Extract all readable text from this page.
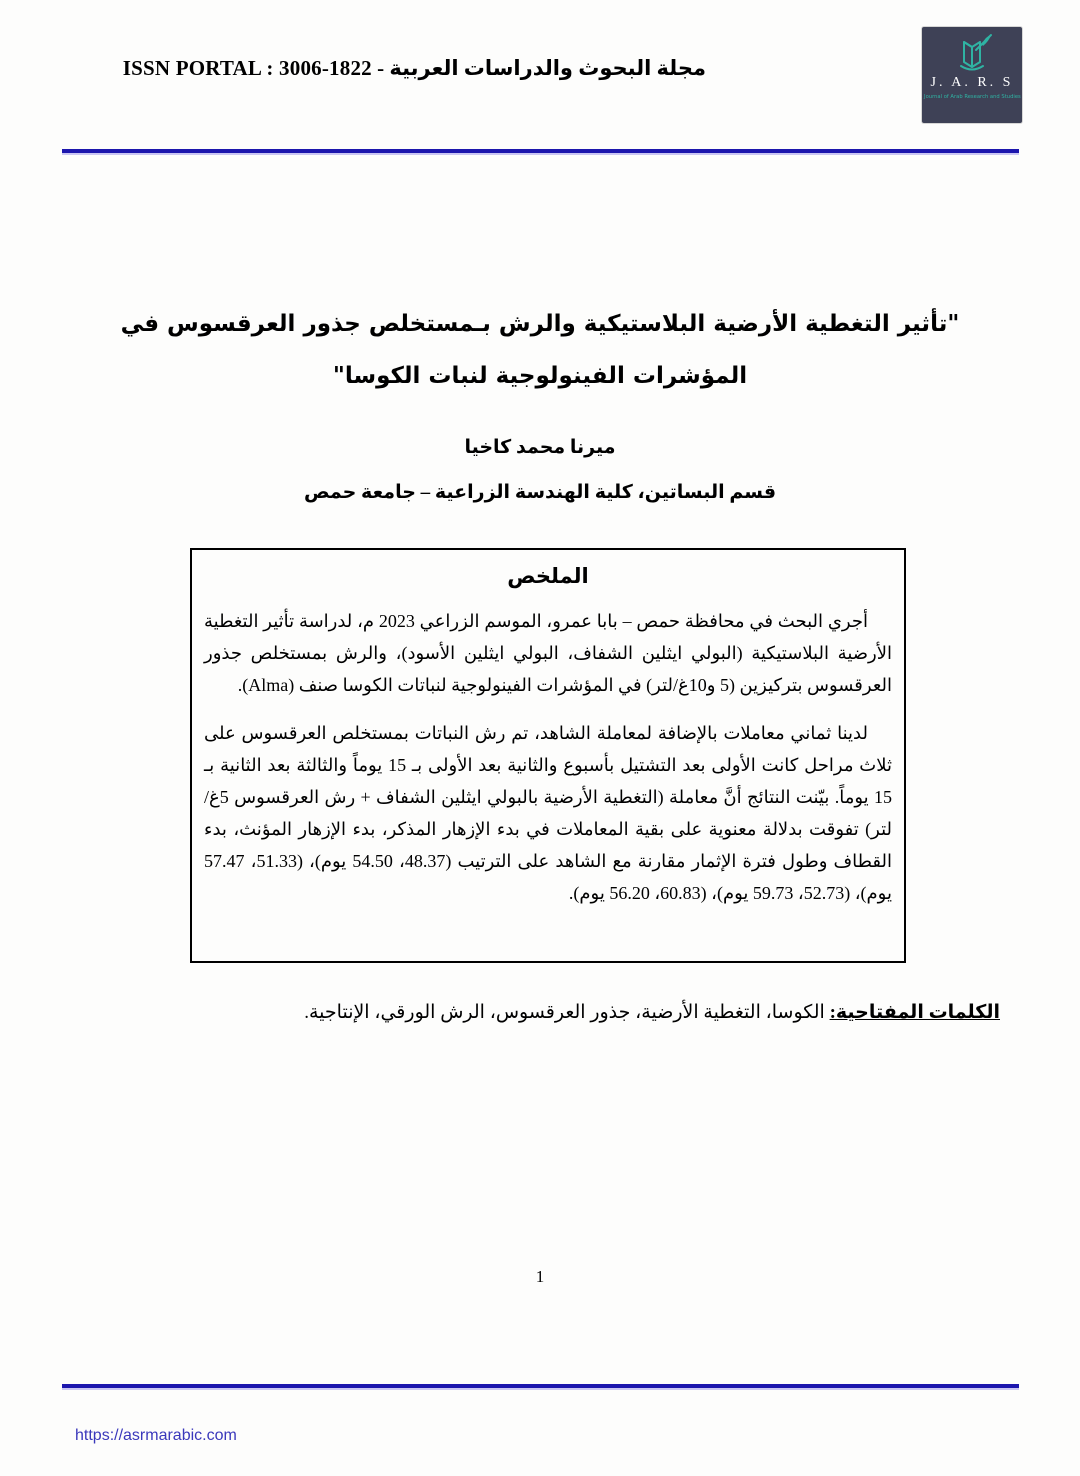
مجلة البحوث والدراسات العربية - ISSN PORTAL : 3006-1822
J. A. R. S
Journal of Arab Research and Studies
"تأثير التغطية الأرضية البلاستيكية والرش بـمستخلص جذور العرقسوس في
المؤشرات الفينولوجية لنبات الكوسا"
ميرنا محمد كاخيا
قسم البساتين، كلية الهندسة الزراعية – جامعة حمص
الملخص

أجري البحث في محافظة حمص – بابا عمرو، الموسم الزراعي 2023 م، لدراسة تأثير التغطية الأرضية البلاستيكية (البولي ايثلين الشفاف، البولي ايثلين الأسود)، والرش بمستخلص جذور العرقسوس بتركيزين (5 و10غ/لتر) في المؤشرات الفينولوجية لنباتات الكوسا صنف (Alma).

لدينا ثماني معاملات بالإضافة لمعاملة الشاهد، تم رش النباتات بمستخلص العرقسوس على ثلاث مراحل كانت الأولى بعد التشتيل بأسبوع والثانية بعد الأولى بـ 15 يوماً والثالثة بعد الثانية بـ 15 يوماً. بيّنت النتائج أنَّ معاملة (التغطية الأرضية بالبولي ايثلين الشفاف + رش العرقسوس 5غ/لتر) تفوقت بدلالة معنوية على بقية المعاملات في بدء الإزهار المذكر، بدء الإزهار المؤنث، بدء القطاف وطول فترة الإثمار مقارنة مع الشاهد على الترتيب (48.37، 54.50 يوم)، (51.33، 57.47 يوم)، (52.73، 59.73 يوم)، (60.83، 56.20 يوم).

الكلمات المفتاحية: الكوسا، التغطية الأرضية، جذور العرقسوس، الرش الورقي، الإنتاجية.
1
https://asrmarabic.com
